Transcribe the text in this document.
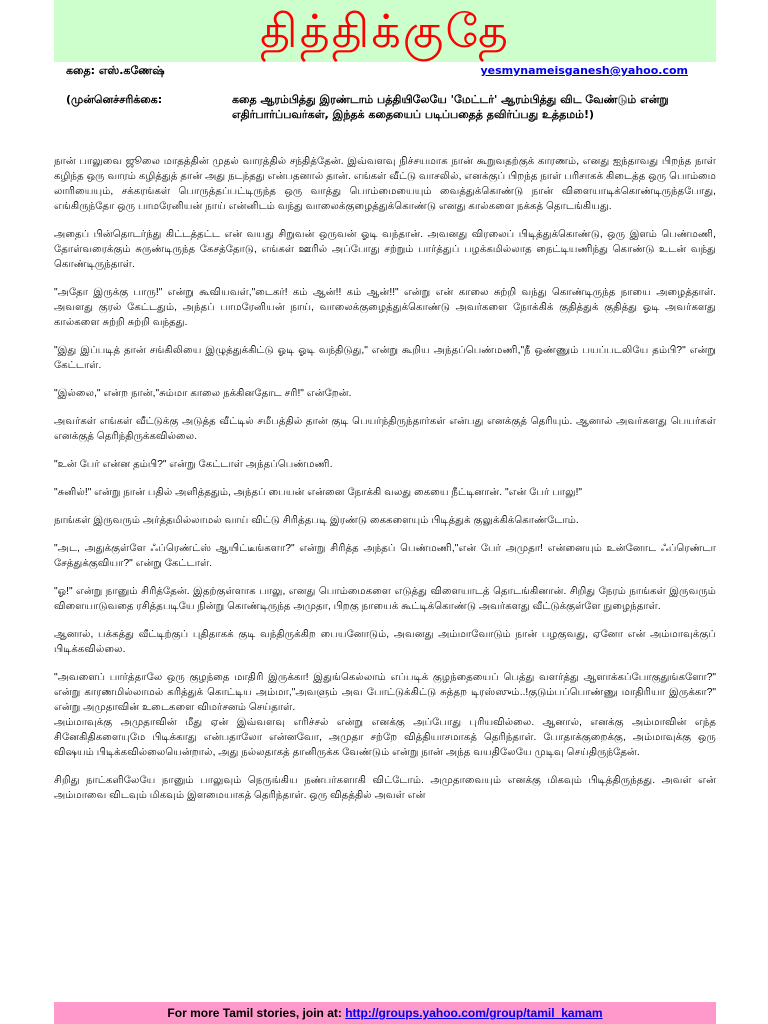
தித்திக்குதே
கதை: எஸ்.கணேஷ்	yesmynameisganesh@yahoo.com
(முன்னெச்சரிக்கை:	கதை ஆரம்பித்து இரண்டாம் பத்தியிலேயே 'மேட்டர்' ஆரம்பித்து விட வேண்டும் என்று எதிர்பார்ப்பவர்கள், இந்தக் கதையைப் படிப்பதைத் தவிர்ப்பது உத்தமம்!)

நான் பாலுவை ஜூலை மாதத்தின் முதல் வாரத்தில் சந்தித்தேன். இவ்வளவு நிச்சயமாக நான் கூறுவதற்குக் காரணம், எனது ஐந்தாவது பிறந்த நாள் கழிந்த ஒரு வாரம் கழித்துத் தான் அது நடந்தது என்பதனால் தான். எங்கள் வீட்டு வாசலில், எனக்குப் பிறந்த நாள் பரிசாகக் கிடைத்த ஒரு பொம்மை லாரியையும், சக்கரங்கள் பொருத்தப்பட்டிருந்த ஒரு வாத்து பொம்மையையும் வைத்துக்கொண்டு நான் விளையாடிக்கொண்டிருந்தபோது, எங்கிருந்தோ ஒரு பாமரேனியன் நாய் என்னிடம் வந்து வாலைக்குழைத்துக்கொண்டு எனது கால்களை நக்கத் தொடங்கியது.

அதைப் பின்தொடர்ந்து கிட்டத்தட்ட என் வயது சிறுவன் ஒருவன் ஓடி வந்தான். அவனது விரலைப் பிடித்துக்கொண்டு, ஒரு இளம் பெண்மணி, தோள்வரைக்கும் சுருண்டிருந்த கேசத்தோடு, எங்கள் ஊரில் அப்போது சற்றும் பார்த்துப் பழக்கமில்லாத நைட்டியணிந்து கொண்டு உடன் வந்து கொண்டிருந்தாள்.

"அதோ இருக்கு பாரு!" என்று கூவியவள்,"டைகர்! கம் ஆன்!! கம் ஆன்!!" என்று என் காலை சுற்றி வந்து கொண்டிருந்த நாயை அழைத்தாள். அவளது குரல் கேட்டதும், அந்தப் பாமரேனியன் நாய், வாலைக்குழைத்துக்கொண்டு அவர்களை நோக்கிக் குதித்துக் குதித்து ஓடி அவர்களது கால்களை சுற்றி சுற்றி வந்தது.

"இது இப்படித் தான் சங்கிலியை இழுத்துக்கிட்டு ஓடி ஓடி வந்திடுது," என்று கூறிய அந்தப்பெண்மணி,"நீ ஒண்ணும் பயப்படலியே தம்பி?" என்று கேட்டாள்.

"இல்லை," என்ற நான்,"சும்மா காலை நக்கினதோட சரி!" என்றேன்.

அவர்கள் எங்கள் வீட்டுக்கு அடுத்த வீட்டில் சமீபத்தில் தான் குடி பெயர்ந்திருந்தார்கள் என்பது எனக்குத் தெரியும். ஆனால் அவர்களது பெயர்கள் எனக்குத் தெரிந்திருக்கவில்லை.

"உன் பேர் என்ன தம்பி?" என்று கேட்டாள் அந்தப்பெண்மணி.

"சுனில்!" என்று நான் பதில் அளித்ததும், அந்தப் பையன் என்னை நோக்கி வலது கையை நீட்டினான். "என் பேர் பாலு!"

நாங்கள் இருவரும் அர்த்தமில்லாமல் வாய் விட்டு சிரித்தபடி இரண்டு கைகளையும் பிடித்துக் குலுக்கிக்கொண்டோம்.

"அட, அதுக்குள்ளே ஃப்ரெண்ட்ஸ் ஆயிட்டீங்களா?" என்று சிரித்த அந்தப் பெண்மணி,"என் பேர் அமுதா! என்னையும் உன்னோட ஃப்ரெண்டா சேத்துக்குவியா?" என்று கேட்டாள்.

"ஓ!" என்று நானும் சிரித்தேன். இதற்குள்ளாக பாலு, எனது பொம்மைகளை எடுத்து விளையாடத் தொடங்கினான். சிறிது நேரம் நாங்கள் இருவரும் விளையாடுவதை ரசித்தபடியே நின்று கொண்டிருந்த அமுதா, பிறகு நாயைக் கூட்டிக்கொண்டு அவர்களது வீட்டுக்குள்ளே நுழைந்தாள்.

ஆனால், பக்கத்து வீட்டிற்குப் புதிதாகக் குடி வந்திருக்கிற பையனோடும், அவனது அம்மாவோடும் நான் பழகுவது, ஏனோ என் அம்மாவுக்குப் பிடிக்கவில்லை.

"அவளைப் பார்த்தாலே ஒரு குழந்தை மாதிரி இருக்கா! இதுங்கெல்லாம் எப்படிக் குழந்தையைப் பெத்து வளர்த்து ஆளாக்கப்போகுதுங்களோ?" என்று காரணமில்லாமல் கரித்துக் கொட்டிய அம்மா,"அவளும் அவ போட்டுக்கிட்டு சுத்தற டிரஸ்ஸும்..!குடும்பப்பொண்ணு மாதிரியா இருக்கா?" என்று அமுதாவின் உடைகளை விமர்சனம் செய்தாள்.

அம்மாவுக்கு அமுதாவின் மீது ஏன் இவ்வளவு எரிச்சல் என்று எனக்கு அப்போது புரியவில்லை. ஆனால், எனக்கு அம்மாவின் எந்த சினேகிதிகளையுமே பிடிக்காது என்பதாலோ என்னவோ, அமுதா சற்றே வித்தியாசமாகத் தெரிந்தாள். போதாக்குறைக்கு, அம்மாவுக்கு ஒரு விஷயம் பிடிக்கவில்லையென்றால், அது நல்லதாகத் தானிருக்க வேண்டும் என்று நான் அந்த வயதிலேயே முடிவு செய்திருந்தேன்.

சிறிது நாட்களிலேயே நானும் பாலுவும் நெருங்கிய நண்பர்களாகி விட்டோம். அமுதாவையும் எனக்கு மிகவும் பிடித்திருந்தது. அவள் என் அம்மாவை விடவும் மிகவும் இளமையாகத் தெரிந்தாள். ஒரு விதத்தில் அவள் என்

For more Tamil stories, join at: http://groups.yahoo.com/group/tamil_kamam
